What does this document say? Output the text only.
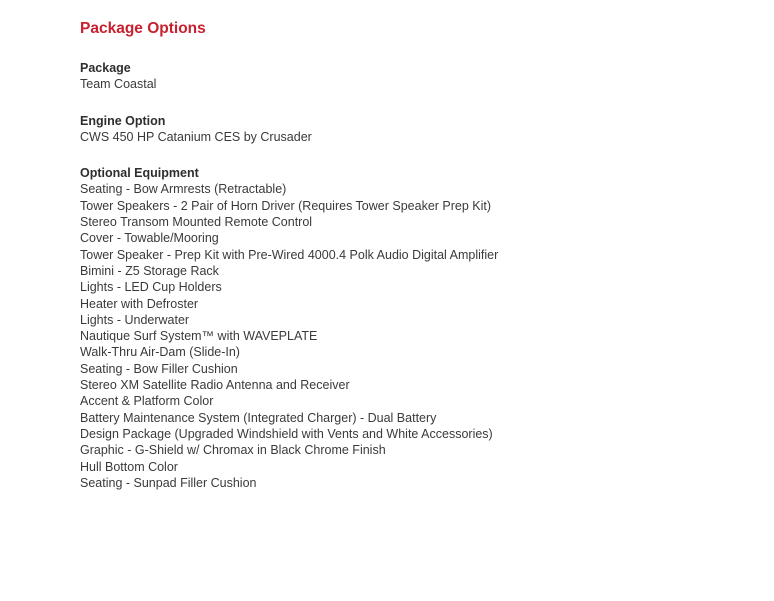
Package Options
Package
Team Coastal
Engine Option
CWS 450 HP Catanium CES by Crusader
Optional Equipment
Seating - Bow Armrests (Retractable)
Tower Speakers - 2 Pair of Horn Driver (Requires Tower Speaker Prep Kit)
Stereo Transom Mounted Remote Control
Cover - Towable/Mooring
Tower Speaker - Prep Kit with Pre-Wired 4000.4 Polk Audio Digital Amplifier
Bimini - Z5 Storage Rack
Lights - LED Cup Holders
Heater with Defroster
Lights - Underwater
Nautique Surf System™ with WAVEPLATE
Walk-Thru Air-Dam (Slide-In)
Seating - Bow Filler Cushion
Stereo XM Satellite Radio Antenna and Receiver
Accent & Platform Color
Battery Maintenance System (Integrated Charger) - Dual Battery
Design Package (Upgraded Windshield with Vents and White Accessories)
Graphic - G-Shield w/ Chromax in Black Chrome Finish
Hull Bottom Color
Seating - Sunpad Filler Cushion
